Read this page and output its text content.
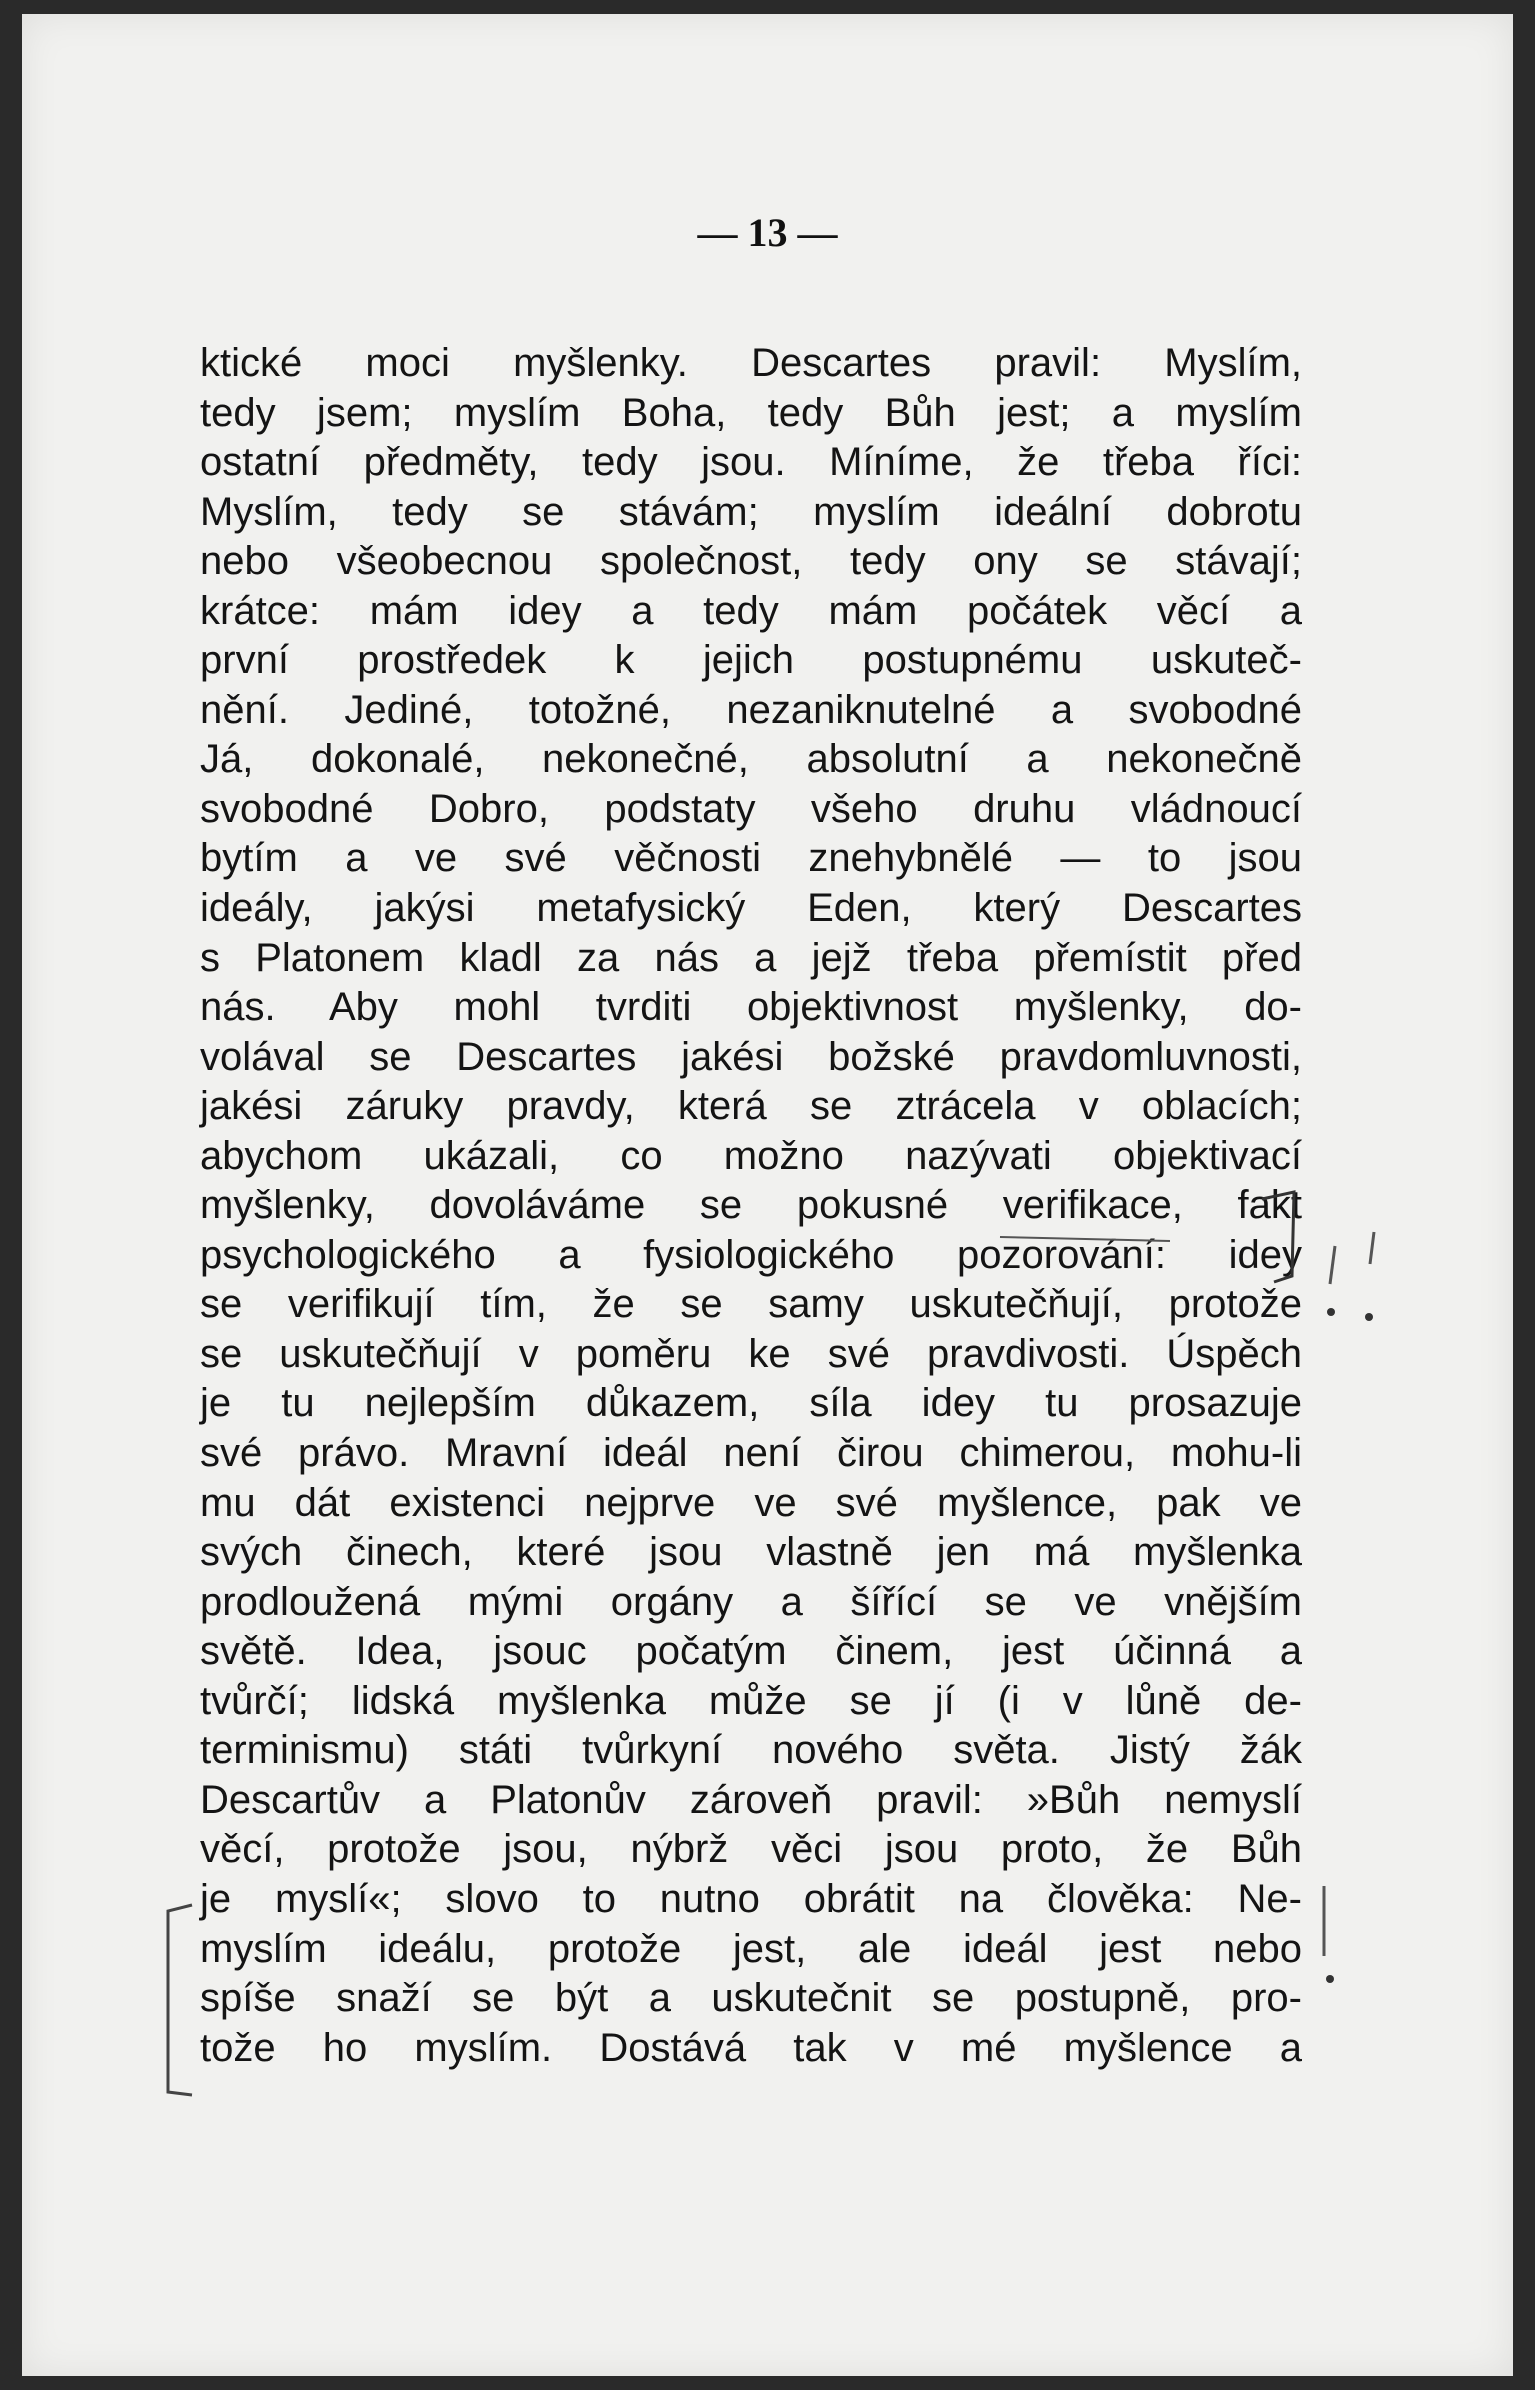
— 13 —
ktické moci myšlenky. Descartes pravil: Myslím,
tedy jsem; myslím Boha, tedy Bůh jest; a myslím
ostatní předměty, tedy jsou. Míníme, že třeba říci:
Myslím, tedy se stávám; myslím ideální dobrotu
nebo všeobecnou společnost, tedy ony se stávají;
krátce: mám idey a tedy mám počátek věcí a
první prostředek k jejich postupnému uskuteč-
nění. Jediné, totožné, nezaniknutelné a svobodné
Já, dokonalé, nekonečné, absolutní a nekonečně
svobodné Dobro, podstaty všeho druhu vládnoucí
bytím a ve své věčnosti znehybnělé — to jsou
ideály, jakýsi metafysický Eden, který Descartes
s Platonem kladl za nás a jejž třeba přemístit před
nás. Aby mohl tvrditi objektivnost myšlenky, do-
volával se Descartes jakési božské pravdomluvnosti,
jakési záruky pravdy, která se ztrácela v oblacích;
abychom ukázali, co možno nazývati objektivací
myšlenky, dovoláváme se pokusné verifikace, fakt
psychologického a fysiologického pozorování: idey
se verifikují tím, že se samy uskutečňují, protože
se uskutečňují v poměru ke své pravdivosti. Úspěch
je tu nejlepším důkazem, síla idey tu prosazuje
své právo. Mravní ideál není čirou chimerou, mohu-li
mu dát existenci nejprve ve své myšlence, pak ve
svých činech, které jsou vlastně jen má myšlenka
prodloužená mými orgány a šířící se ve vnějším
světě. Idea, jsouc počatým činem, jest účinná a
tvůrčí; lidská myšlenka může se jí (i v lůně de-
terminismu) státi tvůrkyní nového světa. Jistý žák
Descartův a Platonův zároveň pravil: »Bůh nemyslí
věcí, protože jsou, nýbrž věci jsou proto, že Bůh
je myslí«; slovo to nutno obrátit na člověka: Ne-
myslím ideálu, protože jest, ale ideál jest nebo
spíše snaží se být a uskutečnit se postupně, pro-
tože ho myslím. Dostává tak v mé myšlence a
